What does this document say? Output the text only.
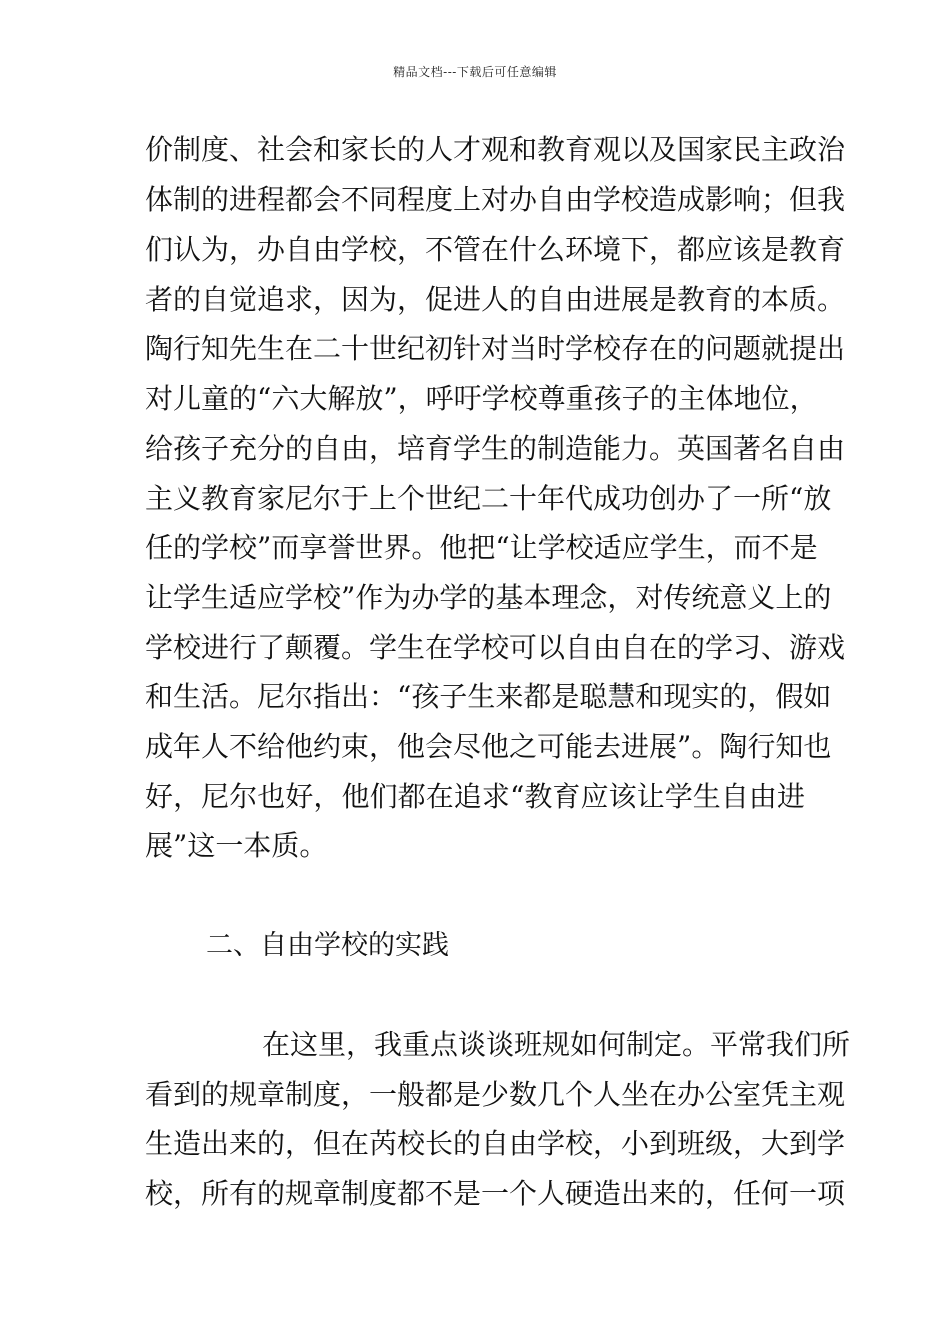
精品文档---下载后可任意编辑
价制度、社会和家长的人才观和教育观以及国家民主政治
体制的进程都会不同程度上对办自由学校造成影响；但我
们认为，办自由学校，不管在什么环境下，都应该是教育
者的自觉追求，因为，促进人的自由进展是教育的本质。
陶行知先生在二十世纪初针对当时学校存在的问题就提出
对儿童的“六大解放”，呼吁学校尊重孩子的主体地位，
给孩子充分的自由，培育学生的制造能力。英国著名自由
主义教育家尼尔于上个世纪二十年代成功创办了一所“放
任的学校”而享誉世界。他把“让学校适应学生，而不是
让学生适应学校”作为办学的基本理念，对传统意义上的
学校进行了颠覆。学生在学校可以自由自在的学习、游戏
和生活。尼尔指出：“孩子生来都是聪慧和现实的，假如
成年人不给他约束，他会尽他之可能去进展”。陶行知也
好，尼尔也好，他们都在追求“教育应该让学生自由进
展”这一本质。
二、自由学校的实践
在这里，我重点谈谈班规如何制定。平常我们所
看到的规章制度，一般都是少数几个人坐在办公室凭主观
生造出来的，但在芮校长的自由学校，小到班级，大到学
校，所有的规章制度都不是一个人硬造出来的，任何一项
